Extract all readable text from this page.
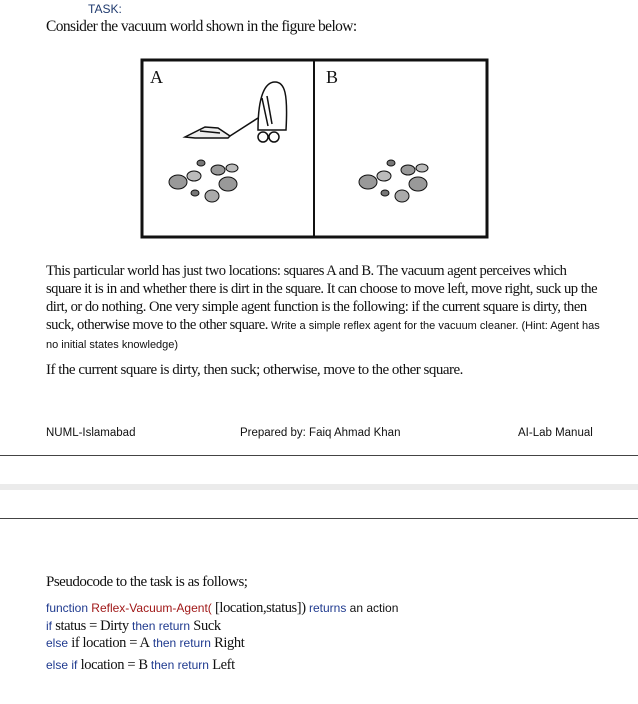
TASK:
Consider the vacuum world shown in the figure below:
A	B
This particular world has just two locations: squares A and B. The vacuum agent perceives which square it is in and whether there is dirt in the square. It can choose to move left, move right, suck up the dirt, or do nothing. One very simple agent function is the following: if the current square is dirty, then suck, otherwise move to the other square. Write a simple reflex agent for the vacuum cleaner. (Hint: Agent has no initial states knowledge)
If the current square is dirty, then suck; otherwise, move to the other square.
NUML-Islamabad	Prepared by: Faiq Ahmad Khan	AI-Lab Manual
Pseudocode to the task is as follows;
function Reflex-Vacuum-Agent( [location,status]) returns an action
if status = Dirty then return Suck
else if location = A then return Right
else if location = B then return Left
